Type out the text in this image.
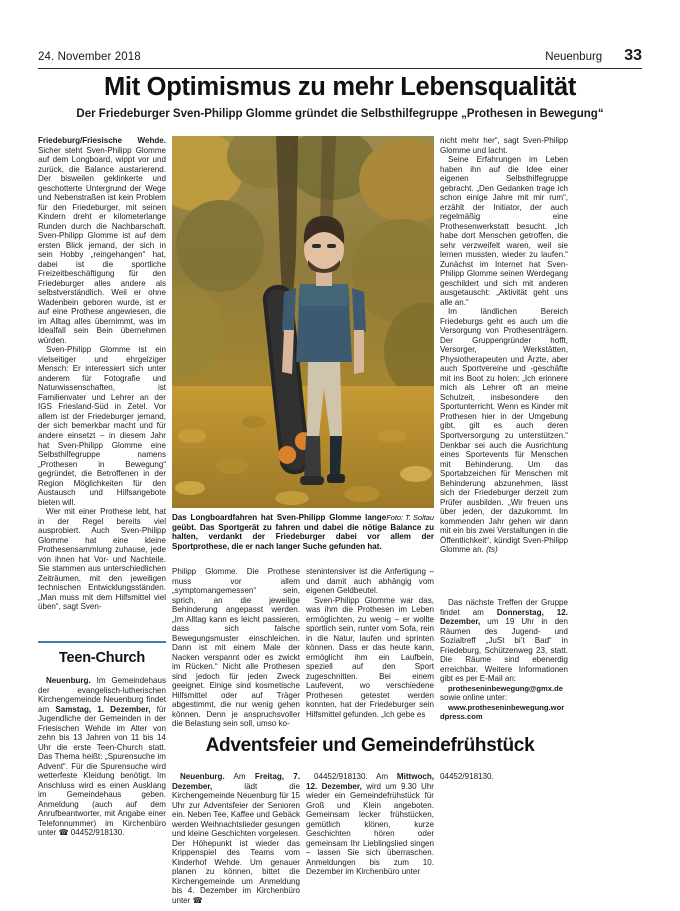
24. November 2018	Neuenburg 33
Mit Optimismus zu mehr Lebensqualität
Der Friedeburger Sven-Philipp Glomme gründet die Selbsthilfegruppe „Prothesen in Bewegung“

Friedeburg/Friesische Wehde. Sicher steht Sven-Philipp Glomme auf dem Longboard, wippt vor und zurück, die Balance austarierend. Der bisweilen geklinkerte und geschotterte Untergrund der Wege und Nebenstraßen ist kein Problem für den Friedeburger, mit seinen Kindern dreht er kilometerlange Runden durch die Nachbarschaft. Sven-Philipp Glomme ist auf dem ersten Blick jemand, der sich in sein Hobby „reingehangen“ hat, dabei ist die sportliche Freizeitbeschäftigung für den Friedeburger alles andere als selbstverständlich. Weil er ohne Wadenbein geboren wurde, ist er auf eine Prothese angewiesen, die im Alltag alles übernimmt, was im Idealfall sein Bein übernehmen würden.

Sven-Philipp Glomme ist ein vielseitiger und ehrgeiziger Mensch: Er interessiert sich unter anderem für Fotografie und Naturwissenschaften, ist Familienvater und Lehrer an der IGS Friesland-Süd in Zetel. Vor allem ist der Friedeburger jemand, der sich bemerkbar macht und für andere einsetzt – in diesem Jahr hat Sven-Philipp Glomme eine Selbsthilfegruppe namens „Prothesen in Bewegung“ gegründet, die Betroffenen in der Region Möglichkeiten für den Austausch und Hilfsangebote bieten will.

Wer mit einer Prothese lebt, hat in der Regel bereits viel ausprobiert. Auch Sven-Philipp Glomme hat eine kleine Prothesensammlung zuhause, jede von ihnen hat Vor- und Nachteile. Sie stammen aus unterschiedlichen Zeiträumen, mit den jeweiligen technischen Entwicklungsständen. „Man muss mit dem Hilfsmittel viel üben“, sagt Sven-

Foto: T. Soltau
Das Longboardfahren hat Sven-Philipp Glomme lange geübt. Das Sportgerät zu fahren und dabei die nötige Balance zu halten, verdankt der Friedeburger dabei vor allem der Sportprothese, die er nach langer Suche gefunden hat.

Philipp Glomme. Die Prothese muss vor allem „symptomangemessen“ sein, sprich, an die jeweilige Behinderung angepasst werden. „Im Alltag kann es leicht passieren, dass sich falsche Bewegungsmuster einschleichen. Dann ist mit einem Male der Nacken verspannt oder es zwickt im Rücken.“ Nicht alle Prothesen sind jedoch für jeden Zweck geeignet. Einige sind kosmetische Hilfsmittel oder auf Träger abgestimmt, die nur wenig gehen können. Denn je anspruchsvoller die Belastung sein soll, umso ko-

stenintensiver ist die Anfertigung – und damit auch abhängig vom eigenen Geldbeutel.

Sven-Philipp Glomme war das, was ihm die Prothesen im Leben ermöglichten, zu wenig – er wollte sportlich sein, runter vom Sofa, rein in die Natur, laufen und sprinten können. Dass er das heute kann, ermöglicht ihm ein Laufbein, speziell auf den Sport zugeschnitten. Bei einem Laufevent, wo verschiedene Prothesen getestet werden konnten, hat der Friedeburger sein Hilfsmittel gefunden. „Ich gebe es

nicht mehr her“, sagt Sven-Philipp Glomme und lacht.

Seine Erfahrungen im Leben haben ihn auf die Idee einer eigenen Selbsthilfegruppe gebracht. „Den Gedanken trage ich schon einige Jahre mit mir rum“, erzählt der Initiator, der auch regelmäßig eine Prothesenwerkstatt besucht. „Ich habe dort Menschen getroffen, die sehr verzweifelt waren, weil sie lernen mussten, wieder zu laufen.“ Zunächst im Internet hat Sven-Philipp Glomme seinen Werdegang geschildert und sich mit anderen ausgetauscht: „Aktivität geht uns alle an.“

Im ländlichen Bereich Friedeburgs geht es auch um die Versorgung von Prothesenträgern. Der Gruppengründer hofft, Versorger, Werkstätten, Physiotherapeuten und Ärzte, aber auch Sportvereine und -geschäfte mit ins Boot zu holen: „Ich erinnere mich als Lehrer oft an meine Schulzeit, insbesondere den Sportunterricht. Wenn es Kinder mit Prothesen hier in der Umgebung gibt, gilt es auch deren Sportversorgung zu unterstützen.“ Denkbar sei auch die Ausrichtung eines Sportevents für Menschen mit Behinderung. Um das Sportabzeichen für Menschen mit Behinderung abzunehmen, lässt sich der Friedeburger derzeit zum Prüfer ausbilden. „Wir freuen uns über jeden, der dazukommt. Im kommenden Jahr gehen wir dann mit ein bis zwei Verstaltungen in die Öffentlichkeit“, kündigt Sven-Philipp Glomme an. (ts)

Das nächste Treffen der Gruppe findet am Donnerstag, 12. Dezember, um 19 Uhr in den Räumen des Jugend- und Sozialtreff „JuSt bi’t Bad“ in Friedeburg, Schützenweg 23, statt. Die Räume sind ebenerdig erreichbar. Weitere Informationen gibt es per E-Mail an:

protheseninbewegung@gmx.de

sowie online unter:

www.protheseninbewegung.wordpress.com

Teen-Church

Neuenburg. Im Gemeindehaus der evangelisch-lutherischen Kirchengemeinde Neuenburg findet am Samstag, 1. Dezember, für Jugendliche der Gemeinden in der Friesischen Wehde im Alter von zehn bis 13 Jahren von 11 bis 14 Uhr die erste Teen-Church statt. Das Thema heißt: „Spurensuche im Advent“. Für die Spurensuche wird wetterfeste Kleidung benötigt. Im Anschluss wird es einen Ausklang im Gemeindehaus geben. Anmeldung (auch auf dem Anrufbeantworter, mit Angabe einer Telefonnummer) im Kirchenbüro unter ☎ 04452/918130.

Adventsfeier und Gemeindefrühstück

Neuenburg. Am Freitag, 7. Dezember, lädt die Kirchengemeinde Neuenburg für 15 Uhr zur Adventsfeier der Senioren ein. Neben Tee, Kaffee und Gebäck werden Weihnachtslieder gesungen und kleine Geschichten vorgelesen. Der Höhepunkt ist wieder das Krippenspiel des Teams vom Kinderhof Wehde. Um genauer planen zu können, bittet die Kirchengemeinde um Anmeldung bis 4. Dezember im Kirchenbüro unter ☎

04452/918130. Am Mittwoch, 12. Dezember, wird um 9.30 Uhr wieder ein Gemeindefrühstück für Groß und Klein angeboten. Gemeinsam lecker frühstücken, gemütlich klönen, kurze Geschichten hören oder gemeinsam Ihr Lieblingslied singen – lassen Sie sich überraschen. Anmeldungen bis zum 10. Dezember im Kirchenbüro unter

04452/918130.
